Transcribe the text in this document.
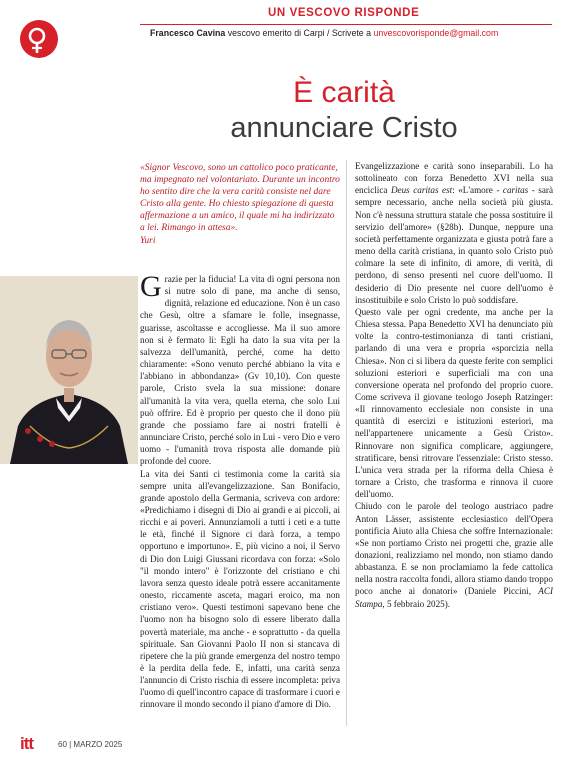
UN VESCOVO RISPONDE
Francesco Cavina vescovo emerito di Carpi / Scrivete a unvescovorisponde@gmail.com
È carità
annunciare Cristo

«Signor Vescovo, sono un cattolico poco praticante, ma impegnato nel volontariato. Durante un incontro ho sentito dire che la vera carità consiste nel dare Cristo alla gente. Ho chiesto spiegazione di questa affermazione a un amico, il quale mi ha indirizzato a lei. Rimango in attesa».

Yuri

Grazie per la fiducia! La vita di ogni persona non si nutre solo di pane, ma anche di senso, dignità, relazione ed educazione. Non è un caso che Gesù, oltre a sfamare le folle, insegnasse, guarisse, ascoltasse e accogliesse. Ma il suo amore non si è fermato lì: Egli ha dato la sua vita per la salvezza dell'umanità, perché, come ha detto chiaramente: «Sono venuto perché abbiano la vita e l'abbiano in abbondanza» (Gv 10,10). Con queste parole, Cristo svela la sua missione: donare all'umanità la vita vera, quella eterna, che solo Lui può offrire. Ed è proprio per questo che il dono più grande che possiamo fare ai nostri fratelli è annunciare Cristo, perché solo in Lui - vero Dio e vero uomo - l'umanità trova risposta alle domande più profonde del cuore.

La vita dei Santi ci testimonia come la carità sia sempre unita all'evangelizzazione. San Bonifacio, grande apostolo della Germania, scriveva con ardore: «Predichiamo i disegni di Dio ai grandi e ai piccoli, ai ricchi e ai poveri. Annunziamoli a tutti i ceti e a tutte le età, finché il Signore ci darà forza, a tempo opportuno e importuno». E, più vicino a noi, il Servo di Dio don Luigi Giussani ricordava con forza: «Solo "il mondo intero" è l'orizzonte del cristiano e chi lavora senza questo ideale potrà essere accanitamente onesto, riccamente asceta, magari eroico, ma non cristiano vero». Questi testimoni sapevano bene che l'uomo non ha bisogno solo di essere liberato dalla povertà materiale, ma anche - e soprattutto - da quella spirituale. San Giovanni Paolo II non si stancava di ripetere che la più grande emergenza del nostro tempo è la perdita della fede. E, infatti, una carità senza l'annuncio di Cristo rischia di essere incompleta: priva l'uomo di quell'incontro capace di trasformare i cuori e rinnovare il mondo secondo il piano d'amore di Dio.

Evangelizzazione e carità sono inseparabili. Lo ha sottolineato con forza Benedetto XVI nella sua enciclica Deus caritas est: «L'amore - caritas - sarà sempre necessario, anche nella società più giusta. Non c'è nessuna struttura statale che possa sostituire il servizio dell'amore» (§28b). Dunque, neppure una società perfettamente organizzata e giusta potrà fare a meno della carità cristiana, in quanto solo Cristo può colmare la sete di infinito, di amore, di verità, di perdono, di senso presenti nel cuore dell'uomo. Il desiderio di Dio presente nel cuore dell'uomo è insostituibile e solo Cristo lo può soddisfare.

Questo vale per ogni credente, ma anche per la Chiesa stessa. Papa Benedetto XVI ha denunciato più volte la contro-testimonianza di tanti cristiani, parlando di una vera e propria «sporcizia nella Chiesa». Non ci si libera da queste ferite con semplici soluzioni esteriori e superficiali ma con una conversione operata nel profondo del proprio cuore. Come scriveva il giovane teologo Joseph Ratzinger: «Il rinnovamento ecclesiale non consiste in una quantità di esercizi e istituzioni esteriori, ma nell'appartenere unicamente a Gesù Cristo». Rinnovare non significa complicare, aggiungere, stratificare, bensì ritrovare l'essenziale: Cristo stesso. L'unica vera strada per la riforma della Chiesa è tornare a Cristo, che trasforma e rinnova il cuore dell'uomo.

Chiudo con le parole del teologo austriaco padre Anton Lässer, assistente ecclesiastico dell'Opera pontificia Aiuto alla Chiesa che soffre Internazionale: «Se non portiamo Cristo nei progetti che, grazie alle donazioni, realizziamo nel mondo, non stiamo dando abbastanza. E se non proclamiamo la fede cattolica nella nostra raccolta fondi, allora stiamo dando troppo poco anche ai donatori» (Daniele Piccini, ACI Stampa, 5 febbraio 2025).

itt	60 | MARZO 2025
